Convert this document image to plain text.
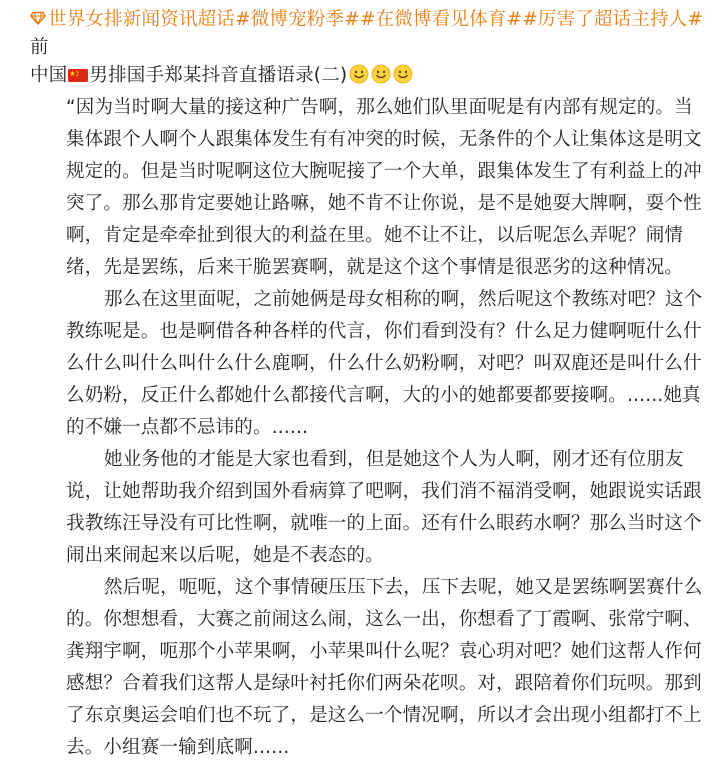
世界女排新闻资讯超话#微博宠粉季##在微博看见体育##厉害了超话主持人#前
中国 男排国手郑某抖音直播语录(二)

“因为当时啊大量的接这种广告啊，那么她们队里面呢是有内部有规定的。当集体跟个人啊个人跟集体发生有有冲突的时候，无条件的个人让集体这是明文规定的。但是当时呢啊这位大腕呢接了一个大单，跟集体发生了有利益上的冲突了。那么那肯定要她让路嘛，她不肯不让你说，是不是她耍大牌啊，耍个性啊，肯定是牵牵扯到很大的利益在里。她不让不让，以后呢怎么弄呢？闹情绪，先是罢练，后来干脆罢赛啊，就是这个这个事情是很恶劣的这种情况。

那么在这里面呢，之前她俩是母女相称的啊，然后呢这个教练对吧？这个教练呢是。也是啊借各种各样的代言，你们看到没有？什么足力健啊呃什么什么什么叫什么叫什么什么鹿啊，什么什么奶粉啊，对吧？叫双鹿还是叫什么什么奶粉，反正什么都她什么都接代言啊，大的小的她都要都要接啊。......她真的不嫌一点都不忌讳的。......

她业务他的才能是大家也看到，但是她这个人为人啊，刚才还有位朋友说，让她帮助我介绍到国外看病算了吧啊，我们消不福消受啊，她跟说实话跟我教练汪导没有可比性啊，就唯一的上面。还有什么眼药水啊？那么当时这个闹出来闹起来以后呢，她是不表态的。

然后呢，呃呃，这个事情硬压压下去，压下去呢，她又是罢练啊罢赛什么的。你想想看，大赛之前闹这么闹，这么一出，你想看了丁霞啊、张常宁啊、龚翔宇啊，呃那个小苹果啊，小苹果叫什么呢？袁心玥对吧？她们这帮人作何感想？合着我们这帮人是绿叶衬托你们两朵花呗。对，跟陪着你们玩呗。那到了东京奥运会咱们也不玩了，是这么一个情况啊，所以才会出现小组都打不上去。小组赛一输到底啊......
